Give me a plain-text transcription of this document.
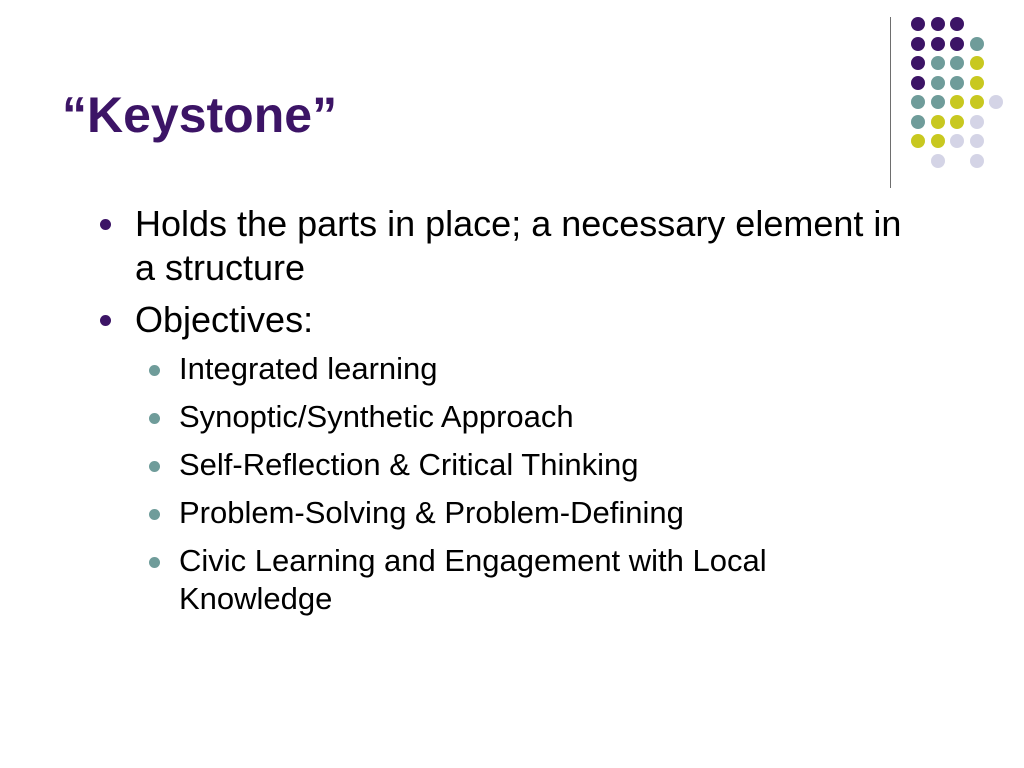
“Keystone”
Holds the parts in place; a necessary element in a structure
Objectives:
Integrated learning
Synoptic/Synthetic Approach
Self-Reflection & Critical Thinking
Problem-Solving & Problem-Defining
Civic Learning and Engagement with Local Knowledge
